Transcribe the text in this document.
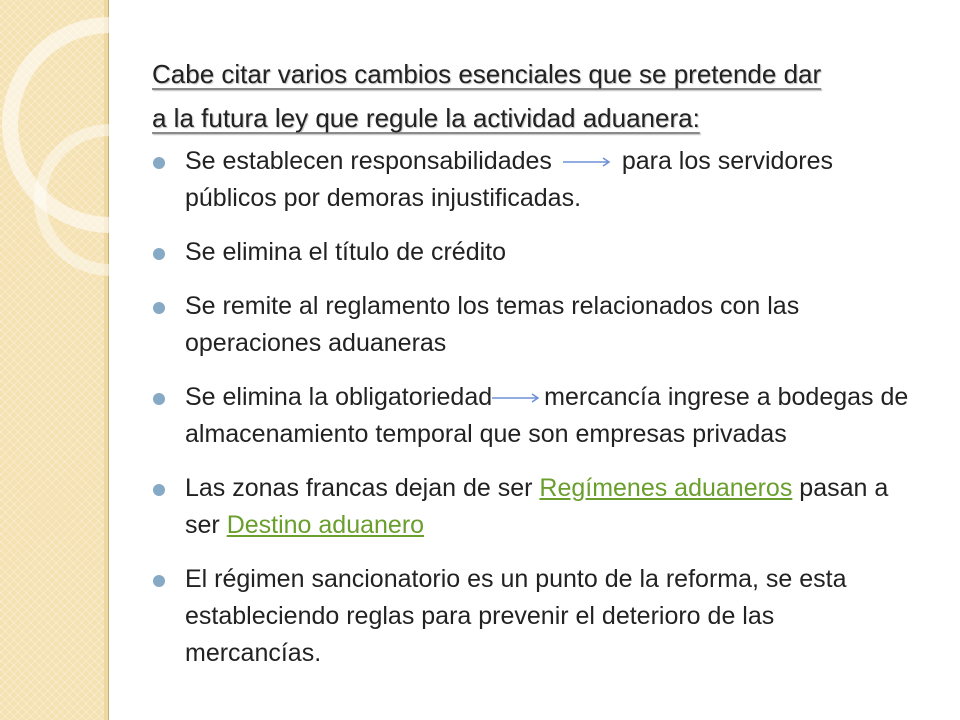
Cabe citar varios cambios esenciales que se pretende dar

a la futura ley que regule la actividad aduanera:

Se establecen responsabilidades	para los servidores públicos por demoras injustificadas.
Se elimina el título de crédito
Se remite al reglamento los temas relacionados con las operaciones aduaneras
Se elimina la obligatoriedad mercancía ingrese a bodegas de almacenamiento temporal que son empresas privadas
Las zonas francas dejan de ser Regímenes aduaneros pasan a ser Destino aduanero
El régimen sancionatorio es un punto de la reforma, se esta estableciendo reglas para prevenir el deterioro de las mercancías.
